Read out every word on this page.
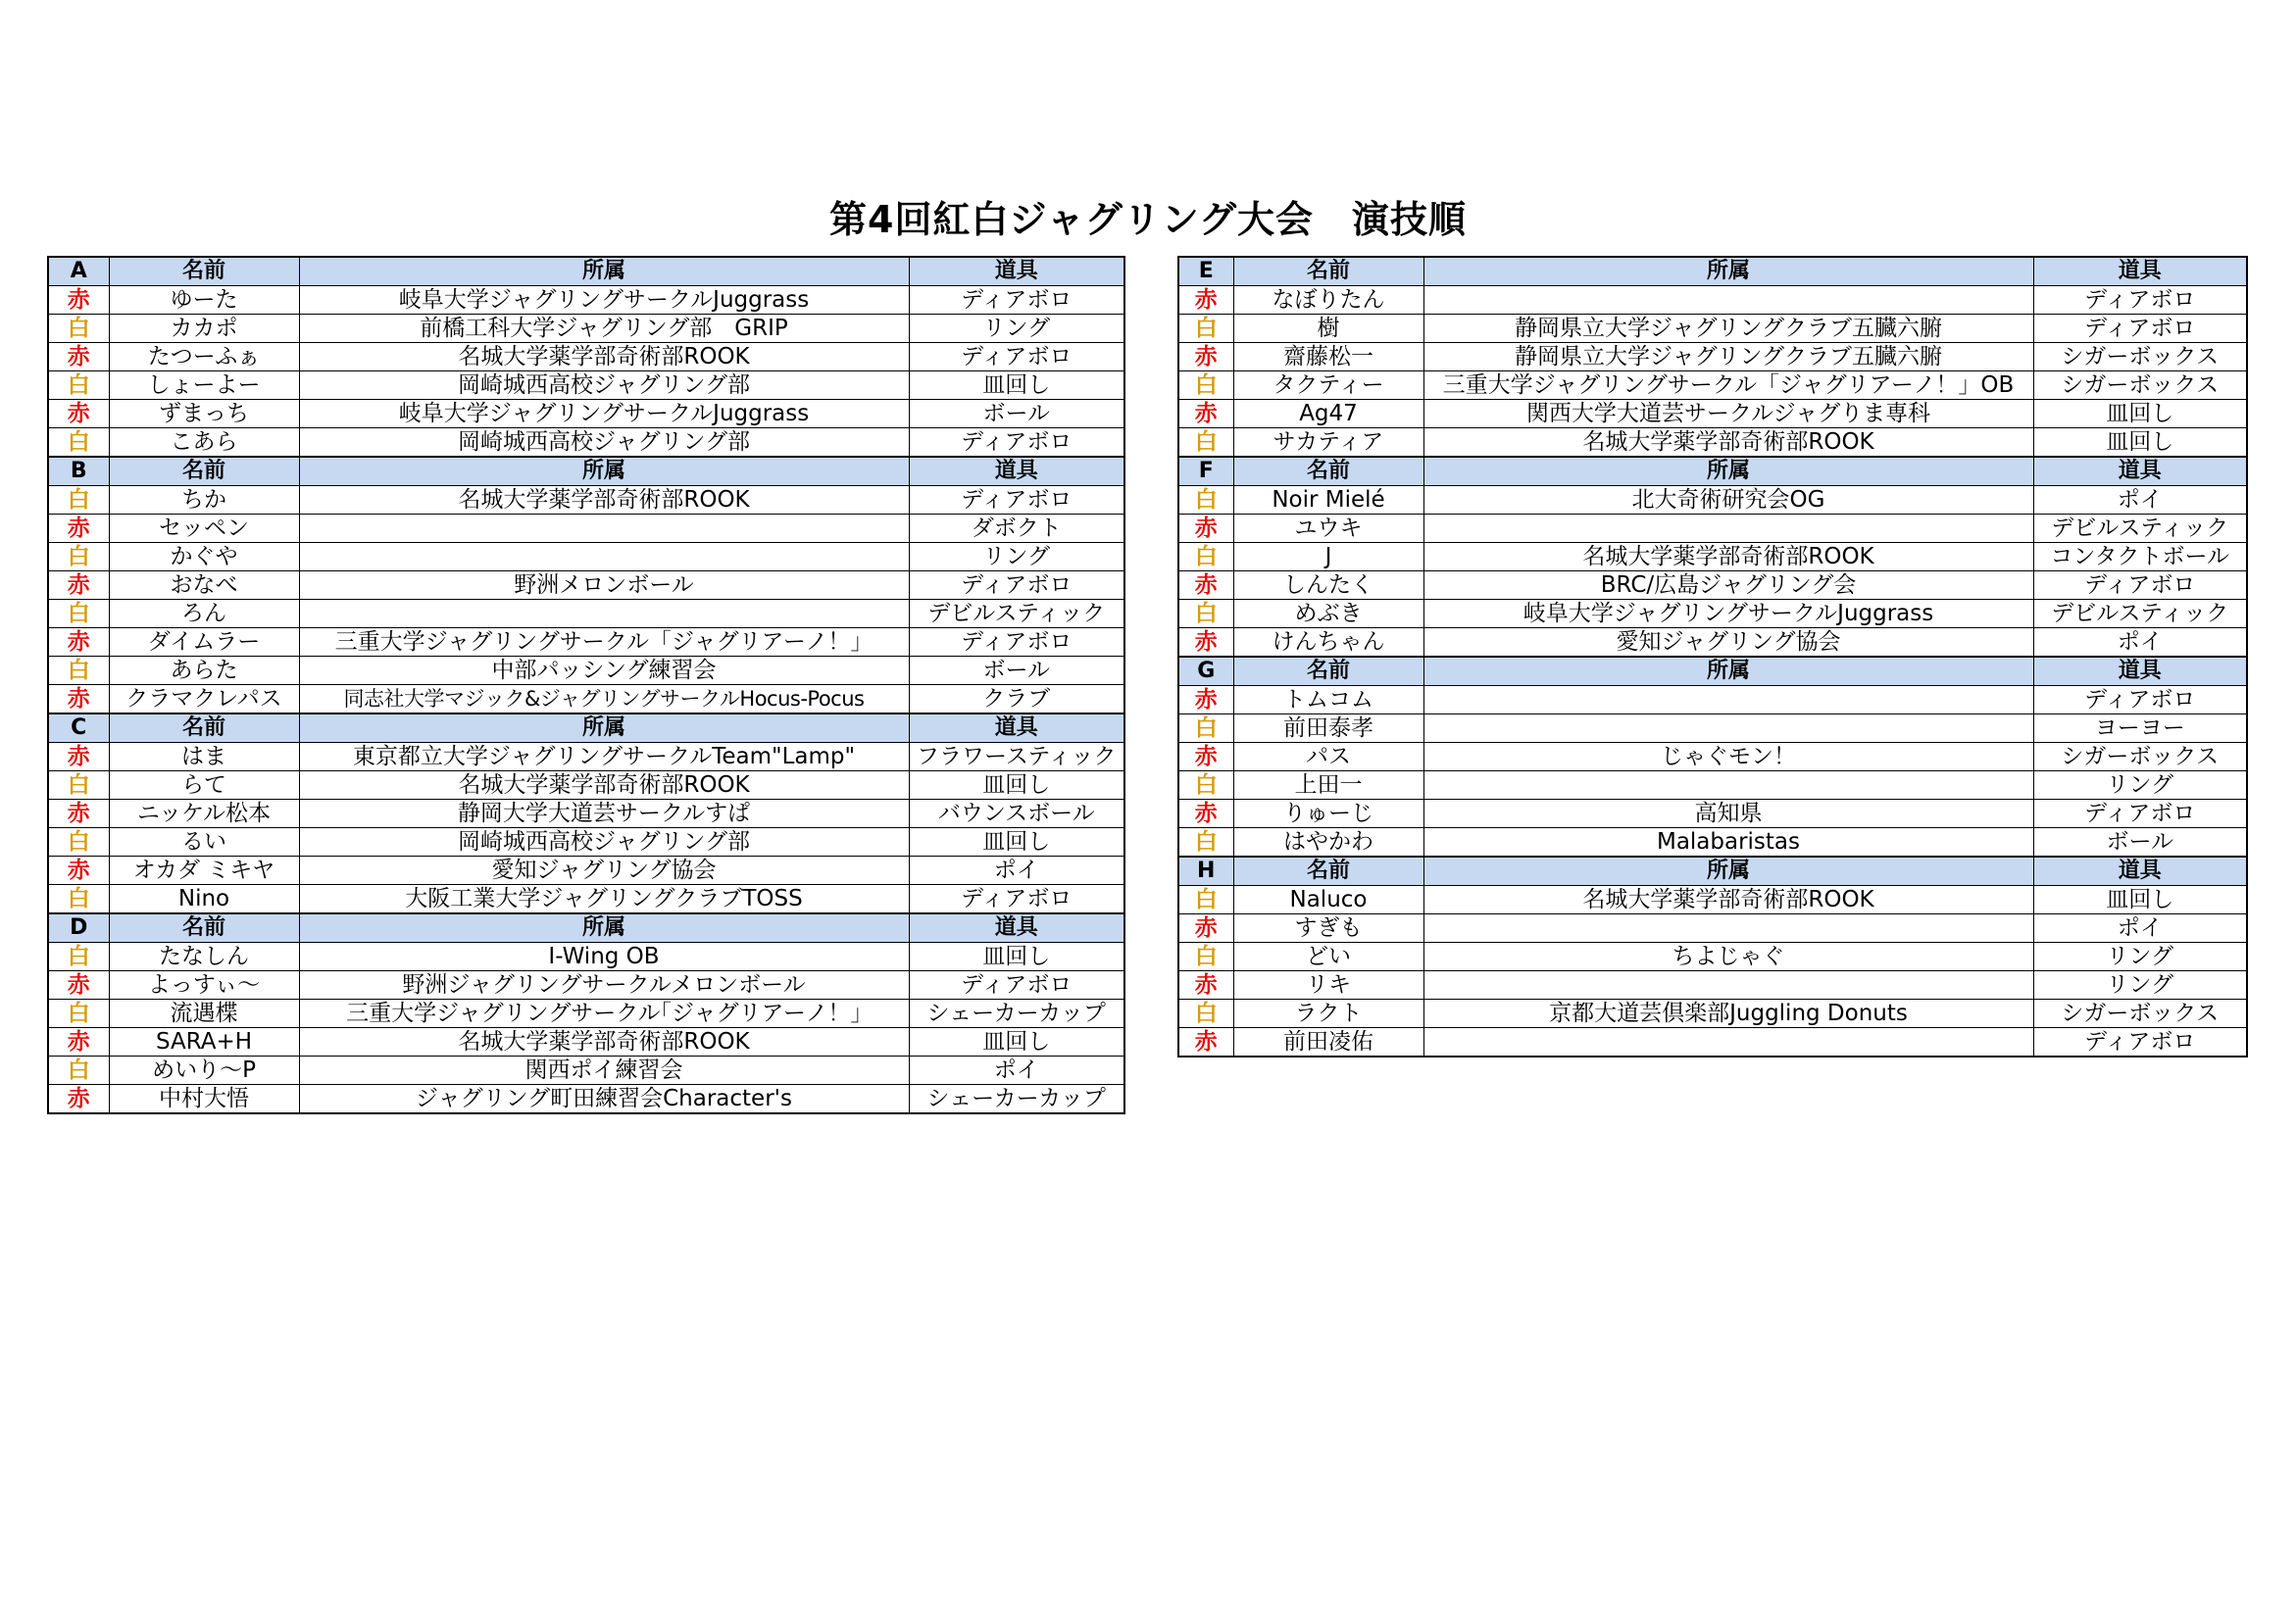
第4回紅白ジャグリング大会　演技順
A	名前	所属	道具
赤	ゆーた	岐阜大学ジャグリングサークルJuggrass	ディアボロ
白	カカポ	前橋工科大学ジャグリング部　GRIP	リング
赤	たつーふぁ	名城大学薬学部奇術部ROOK	ディアボロ
白	しょーよー	岡崎城西高校ジャグリング部	皿回し
赤	ずまっち	岐阜大学ジャグリングサークルJuggrass	ボール
白	こあら	岡崎城西高校ジャグリング部	ディアボロ
B	名前	所属	道具
白	ちか	名城大学薬学部奇術部ROOK	ディアボロ
赤	セッペン		ダボクト
白	かぐや		リング
赤	おなべ	野洲メロンボール	ディアボロ
白	ろん		デビルスティック
赤	ダイムラー	三重大学ジャグリングサークル「ジャグリアーノ！」	ディアボロ
白	あらた	中部パッシング練習会	ボール
赤	クラマクレパス	同志社大学マジック&ジャグリングサークルHocus-Pocus	クラブ
C	名前	所属	道具
赤	はま	東京都立大学ジャグリングサークルTeam"Lamp"	フラワースティック
白	らて	名城大学薬学部奇術部ROOK	皿回し
赤	ニッケル松本	静岡大学大道芸サークルすぱ	バウンスボール
白	るい	岡崎城西高校ジャグリング部	皿回し
赤	オカダ ミキヤ	愛知ジャグリング協会	ポイ
白	Nino	大阪工業大学ジャグリングクラブTOSS	ディアボロ
D	名前	所属	道具
白	たなしん	I-Wing OB	皿回し
赤	よっすぃ～	野洲ジャグリングサークルメロンボール	ディアボロ
白	流遇楪	三重大学ジャグリングサークル｢ジャグリアーノ！｣	シェーカーカップ
赤	SARA+H	名城大学薬学部奇術部ROOK	皿回し
白	めいり～P	関西ポイ練習会	ポイ
赤	中村大悟	ジャグリング町田練習会Character's	シェーカーカップ
E	名前	所属	道具
赤	なぼりたん		ディアボロ
白	樹	静岡県立大学ジャグリングクラブ五臓六腑	ディアボロ
赤	齋藤松一	静岡県立大学ジャグリングクラブ五臓六腑	シガーボックス
白	タクティー	三重大学ジャグリングサークル「ジャグリアーノ！」OB	シガーボックス
赤	Ag47	関西大学大道芸サークルジャグりま専科	皿回し
白	サカティア	名城大学薬学部奇術部ROOK	皿回し
F	名前	所属	道具
白	Noir Mielé	北大奇術研究会OG	ポイ
赤	ユウキ		デビルスティック
白	J	名城大学薬学部奇術部ROOK	コンタクトボール
赤	しんたく	BRC/広島ジャグリング会	ディアボロ
白	めぶき	岐阜大学ジャグリングサークルJuggrass	デビルスティック
赤	けんちゃん	愛知ジャグリング協会	ポイ
G	名前	所属	道具
赤	トムコム		ディアボロ
白	前田泰孝		ヨーヨー
赤	パス	じゃぐモン！	シガーボックス
白	上田一		リング
赤	りゅーじ	高知県	ディアボロ
白	はやかわ	Malabaristas	ボール
H	名前	所属	道具
白	Naluco	名城大学薬学部奇術部ROOK	皿回し
赤	すぎも		ポイ
白	どい	ちよじゃぐ	リング
赤	リキ		リング
白	ラクト	京都大道芸倶楽部Juggling Donuts	シガーボックス
赤	前田凌佑		ディアボロ
